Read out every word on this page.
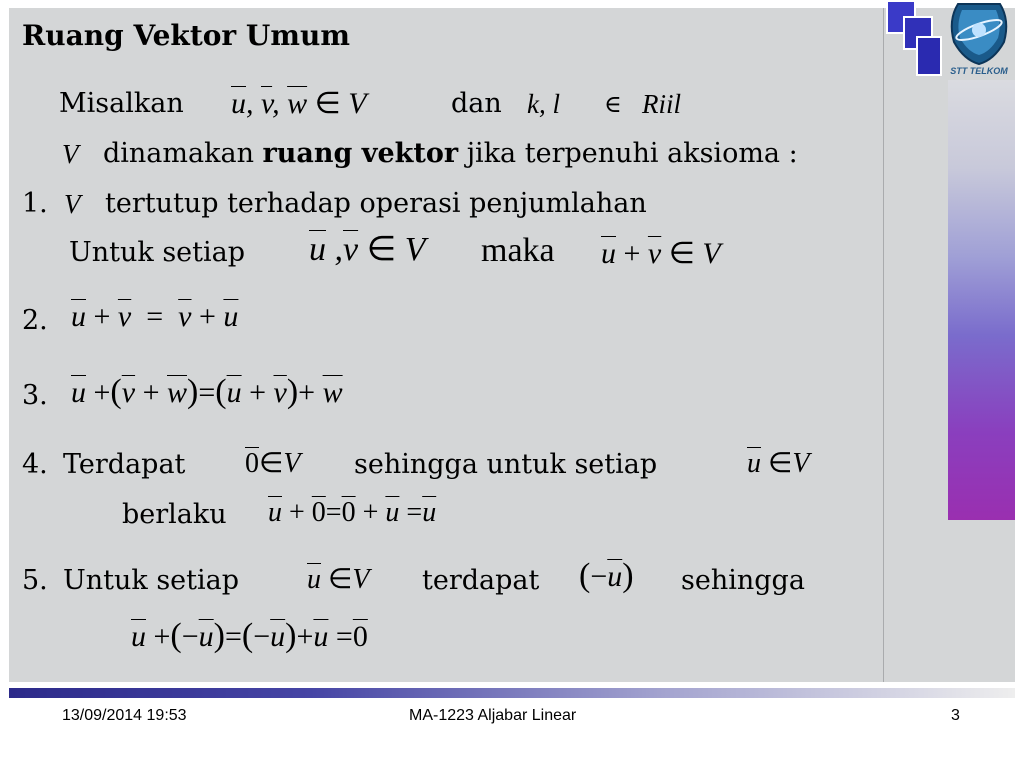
Ruang Vektor Umum
Misalkan $\overline{u}$, $\overline{v}$, $\overline{w}$ ∈ V	dan k, l ∈ Riil
V dinamakan ruang vektor jika terpenuhi aksioma :
1. V tertutup terhadap operasi penjumlahan
Untuk setiap $\overline{u}$ $,\overline{v}$ ∈ V maka $\overline{u} + \overline{v}$ ∈ V
2. $\overline{u} + \overline{v} = \overline{v} + \overline{u}$
3. $\overline{u} +(\overline{v} + \overline{w})=(\overline{u} + \overline{v})+ \overline{w}$
4. Terdapat 0∈V sehingga untuk setiap	$\overline{u}$ ∈V
berlaku $\overline{u} + 0=0 + \overline{u} =\overline{u}$
5. Untuk setiap $\overline{u}$ ∈V terdapat $(-\overline{u})$ sehingga
$\overline{u} +(-\overline{u})=(-\overline{u})+\overline{u} =0$
STT TELKOM
13/09/2014 19:53	MA-1223 Aljabar Linear	3
